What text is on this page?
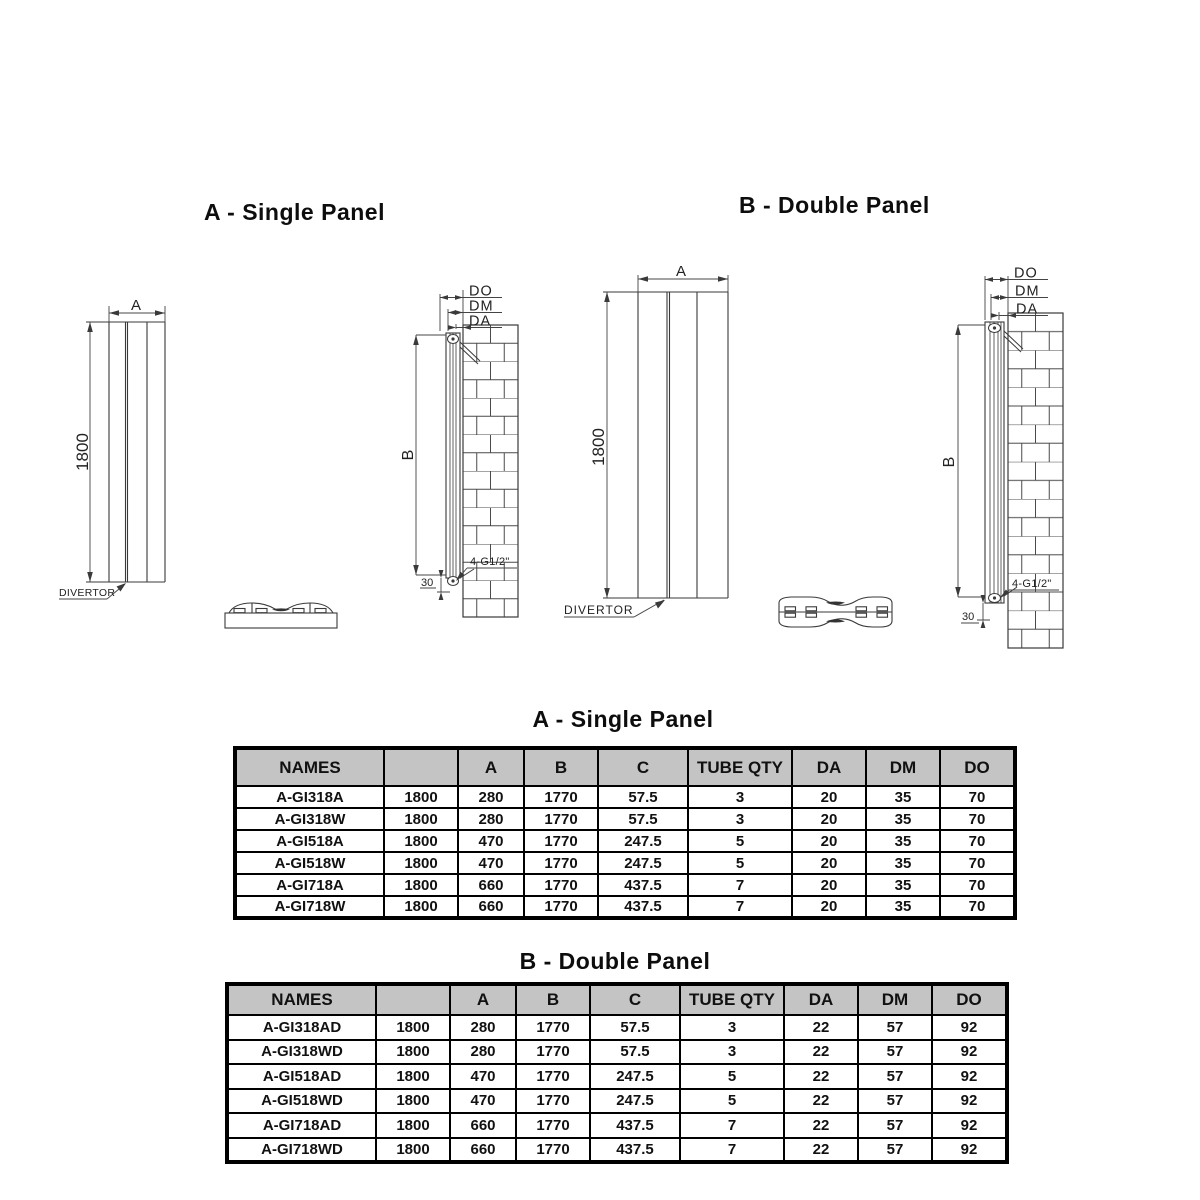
A - Single Panel	B - Double Panel
A
1800
DIVERTOR
B
DO
DM
DA
4-G1/2"
30
A
1800
DIVERTOR
B
DO
DM
DA
4-G1/2"
30
A - Single Panel
NAMES		A	B	C	TUBE QTY	DA	DM	DO
A-GI318A	1800	280	1770	57.5	3	20	35	70
A-GI318W	1800	280	1770	57.5	3	20	35	70
A-GI518A	1800	470	1770	247.5	5	20	35	70
A-GI518W	1800	470	1770	247.5	5	20	35	70
A-GI718A	1800	660	1770	437.5	7	20	35	70
A-GI718W	1800	660	1770	437.5	7	20	35	70
B - Double Panel
NAMES		A	B	C	TUBE QTY	DA	DM	DO
A-GI318AD	1800	280	1770	57.5	3	22	57	92
A-GI318WD	1800	280	1770	57.5	3	22	57	92
A-GI518AD	1800	470	1770	247.5	5	22	57	92
A-GI518WD	1800	470	1770	247.5	5	22	57	92
A-GI718AD	1800	660	1770	437.5	7	22	57	92
A-GI718WD	1800	660	1770	437.5	7	22	57	92
